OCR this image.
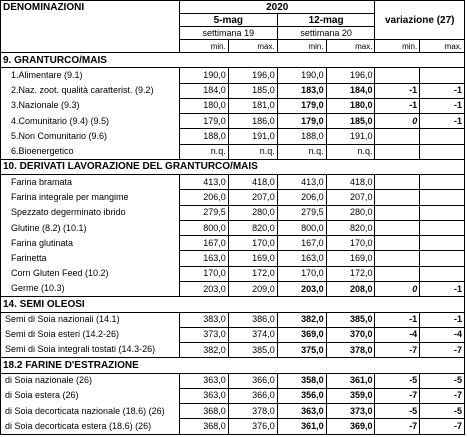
DENOMINAZIONI	2020				variazione (27)	
	5-mag		12-mag			
	settimana 19		settimana 20			
	min.	max.	min.	max.	min.	max.
9. GRANTURCO/MAIS						
1.Alimentare (9.1)	190,0	196,0	190,0	196,0		
2.Naz. zoot. qualità caratterist. (9.2)	184,0	185,0	183,0	184,0	-1	-1
3.Nazionale (9.3)	180,0	181,0	179,0	180,0	-1	-1
4.Comunitario (9.4) (9.5)	179,0	186,0	179,0	185,0	0	-1
5.Non Comunitario (9.6)	188,0	191,0	188,0	191,0		
6.Bioenergetico	n.q.	n.q.	n.q.	n.q.		
10. DERIVATI LAVORAZIONE DEL GRANTURCO/MAIS						
Farina bramata	413,0	418,0	413,0	418,0		
Farina integrale per mangime	206,0	207,0	206,0	207,0		
Spezzato degerminato ibrido	279,5	280,0	279,5	280,0		
Glutine (8.2) (10.1)	800,0	820,0	800,0	820,0		
Farina glutinata	167,0	170,0	167,0	170,0		
Farinetta	163,0	169,0	163,0	169,0		
Corn Gluten Feed (10.2)	170,0	172,0	170,0	172,0		
Germe (10.3)	203,0	209,0	203,0	208,0	0	-1
14. SEMI OLEOSI						
Semi di Soia nazionali (14.1)	383,0	386,0	382,0	385,0	-1	-1
Semi di Soia esteri (14.2-26)	373,0	374,0	369,0	370,0	-4	-4
Semi di Soia integrali tostati (14.3-26)	382,0	385,0	375,0	378,0	-7	-7
18.2 FARINE D'ESTRAZIONE						
di Soia nazionale (26)	363,0	366,0	358,0	361,0	-5	-5
di Soia estera (26)	363,0	366,0	356,0	359,0	-7	-7
di Soia decorticata nazionale (18.6) (26)	368,0	378,0	363,0	373,0	-5	-5
di Soia decorticata estera (18.6) (26)	368,0	376,0	361,0	369,0	-7	-7
